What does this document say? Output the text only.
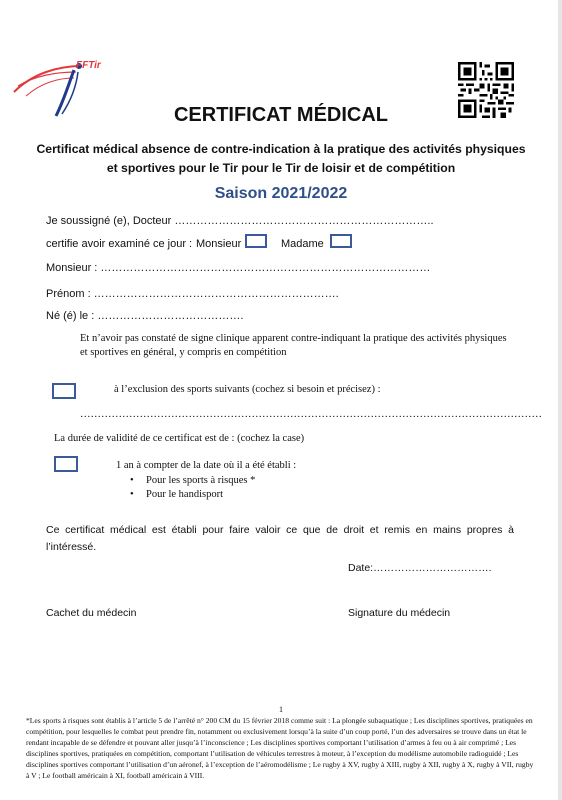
FFTir
CERTIFICAT MÉDICAL
Certificat médical absence de contre-indication à la pratique des activités physiques et sportives pour le Tir pour le Tir de loisir et de compétition
Saison 2021/2022
Je soussigné (e), Docteur ……………………………………………………………..
certifie avoir examiné ce jour : Monsieur	Madame
Monsieur : ………………………………………………………………………………
Prénom : ………………………………………………………….
Né (é) le : ………………………………….
Et n’avoir pas constaté de signe clinique apparent contre-indiquant la pratique des activités physiques et sportives en général, y compris en compétition
à l’exclusion des sports suivants (cochez si besoin et précisez) :
……………………………………………………………………………………………………………………
La durée de validité de ce certificat est de : (cochez la case)
1 an à compter de la date où il a été établi :
• Pour les sports à risques *
• Pour le handisport
Ce certificat médical est établi pour faire valoir ce que de droit et remis en mains propres à l’intéressé.
Date:…………………………….
Cachet du médecin	Signature du médecin
1
*Les sports à risques sont établis à l’article 5 de l’arrêté n° 200 CM du 15 février 2018 comme suit : La plongée subaquatique ; Les disciplines sportives, pratiquées en compétition, pour lesquelles le combat peut prendre fin, notamment ou exclusivement lorsqu’à la suite d’un coup porté, l’un des adversaires se trouve dans un état le rendant incapable de se défendre et pouvant aller jusqu’à l’inconscience ; Les disciplines sportives comportant l’utilisation d’armes à feu ou à air comprimé ; Les disciplines sportives, pratiquées en compétition, comportant l’utilisation de véhicules terrestres à moteur, à l’exception du modélisme automobile radioguidé ; Les disciplines sportives comportant l’utilisation d’un aéronef, à l’exception de l’aéromodélisme ; Le rugby à XV, rugby à XIII, rugby à XII, rugby à X, rugby à VII, rugby à V ; Le football américain à XI, football américain à VIII.
